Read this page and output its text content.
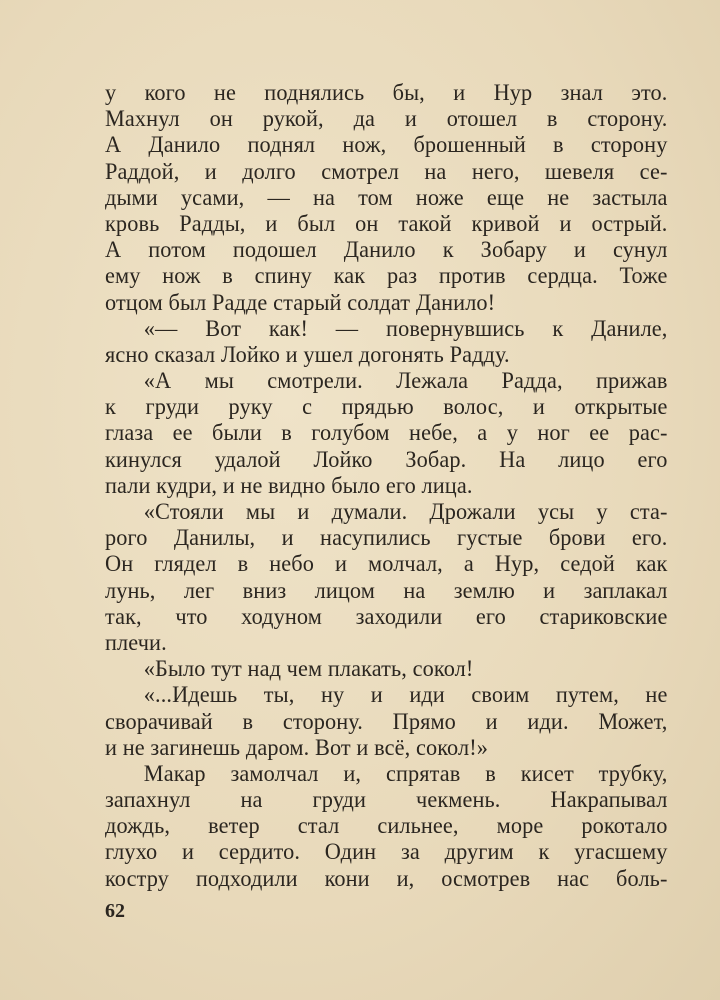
у кого не поднялись бы, и Нур знал это.
Махнул он рукой, да и отошел в сторону.
А Данило поднял нож, брошенный в сторону
Раддой, и долго смотрел на него, шевеля се-
дыми усами, — на том ноже еще не застыла
кровь Радды, и был он такой кривой и острый.
А потом подошел Данило к Зобару и сунул
ему нож в спину как раз против сердца. Тоже
отцом был Радде старый солдат Данило!
«— Вот как! — повернувшись к Даниле,
ясно сказал Лойко и ушел догонять Радду.
«А мы смотрели. Лежала Радда, прижав
к груди руку с прядью волос, и открытые
глаза ее были в голубом небе, а у ног ее рас-
кинулся удалой Лойко Зобар. На лицо его
пали кудри, и не видно было его лица.
«Стояли мы и думали. Дрожали усы у ста-
рого Данилы, и насупились густые брови его.
Он глядел в небо и молчал, а Нур, седой как
лунь, лег вниз лицом на землю и заплакал
так, что ходуном заходили его стариковские
плечи.
«Было тут над чем плакать, сокол!
«...Идешь ты, ну и иди своим путем, не
сворачивай в сторону. Прямо и иди. Может,
и не загинешь даром. Вот и всё, сокол!»
Макар замолчал и, спрятав в кисет трубку,
запахнул на груди чекмень. Накрапывал
дождь, ветер стал сильнее, море рокотало
глухо и сердито. Один за другим к угасшему
костру подходили кони и, осмотрев нас боль-
62
